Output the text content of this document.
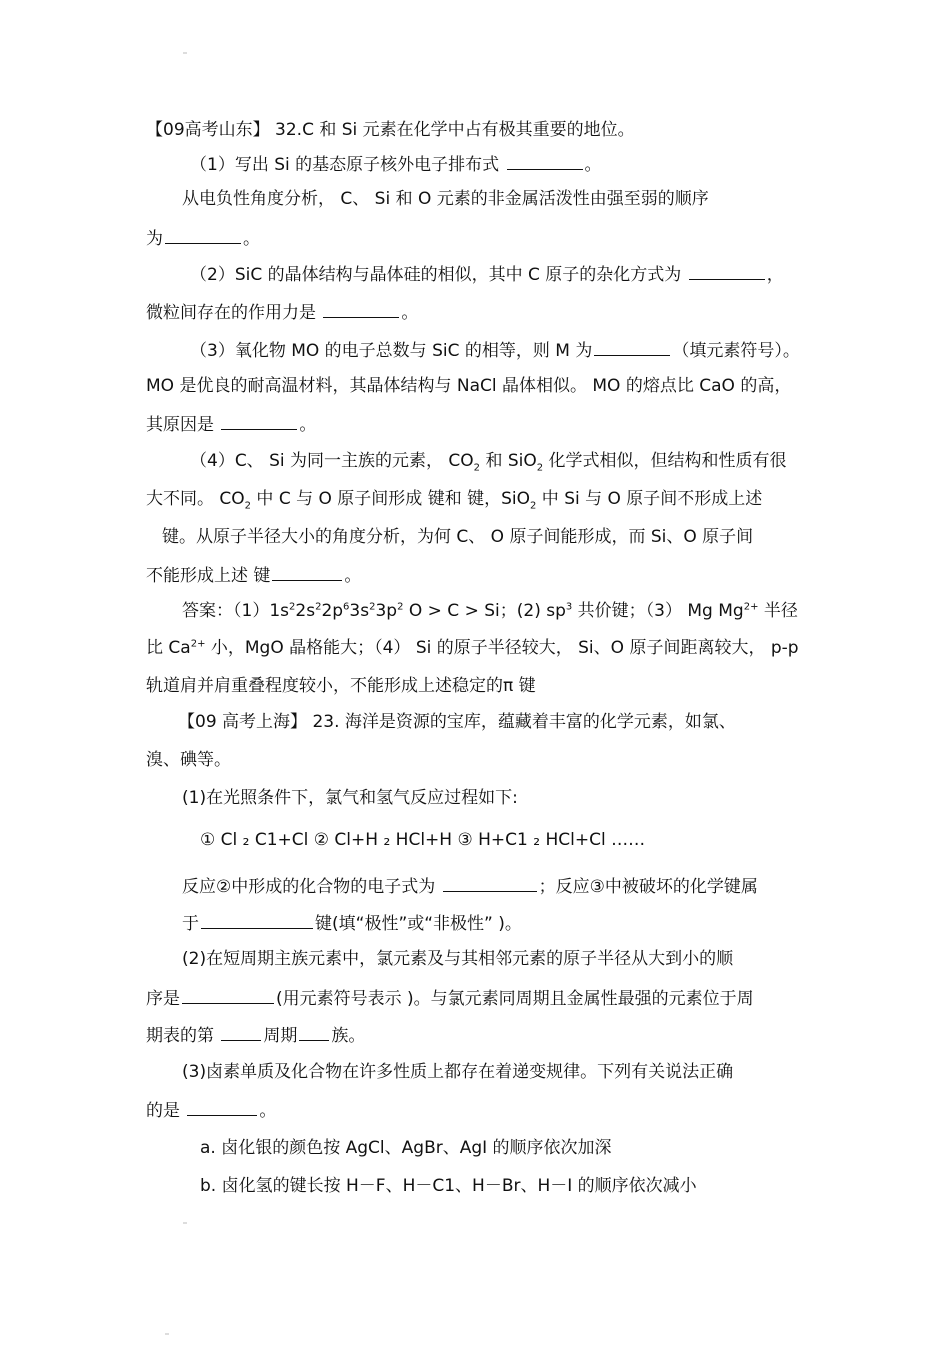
【09高考山东】 32.C 和 Si 元素在化学中占有极其重要的地位。
（1）写出 Si 的基态原子核外电子排布式	。
从电负性角度分析， C、 Si 和 O 元素的非金属活泼性由强至弱的顺序
为	。
（2）SiC 的晶体结构与晶体硅的相似，其中 C 原子的杂化方式为	，
微粒间存在的作用力是	。
（3）氧化物 MO 的电子总数与 SiC 的相等，则 M 为	（填元素符号）。
MO 是优良的耐高温材料，其晶体结构与 NaCl 晶体相似。 MO 的熔点比 CaO 的高，
其原因是	。
（4）C、 Si 为同一主族的元素， $CO_2$ 和 SiO$_2$ 化学式相似，但结构和性质有很
大不同。 $CO_2$ 中 C 与 O 原子间形成 键和 键，SiO$_2$ 中 Si 与 O 原子间不形成上述
键。从原子半径大小的角度分析，为何 C、 O 原子间能形成，而 Si、O 原子间
不能形成上述 键	。
答案：$(1)1s^22s^22p^63s^23p^2$ O > C > Si；(2) $sp^3$ 共价键；（3） Mg $Mg^{2+}$ 半径
比 $Ca^{2+}$ 小，MgO 晶格能大；（4） Si 的原子半径较大， Si、O 原子间距离较大， p-p
轨道肩并肩重叠程度较小，不能形成上述稳定的π 键
【09 高考上海】 23. 海洋是资源的宝库，蕴藏着丰富的化学元素，如氯、
溴、碘等。
(1)在光照条件下，氯气和氢气反应过程如下:
① Cl ₂ C1+Cl ② Cl+H ₂ HCl+H ③ H+C1 ₂ HCl+Cl ……
反应②中形成的化合物的电子式为	；反应③中被破坏的化学键属
于	键(填“极性”或“非极性” )。
(2)在短周期主族元素中，氯元素及与其相邻元素的原子半径从大到小的顺
序是	(用元素符号表示 )。与氯元素同周期且金属性最强的元素位于周
期表的第	周期 族。
(3)卤素单质及化合物在许多性质上都存在着递变规律。下列有关说法正确
的是	。
a. 卤化银的颜色按 AgCl、AgBr、AgI 的顺序依次加深
b. 卤化氢的键长按 H－F、H－C1、H－Br、H－I 的顺序依次减小
